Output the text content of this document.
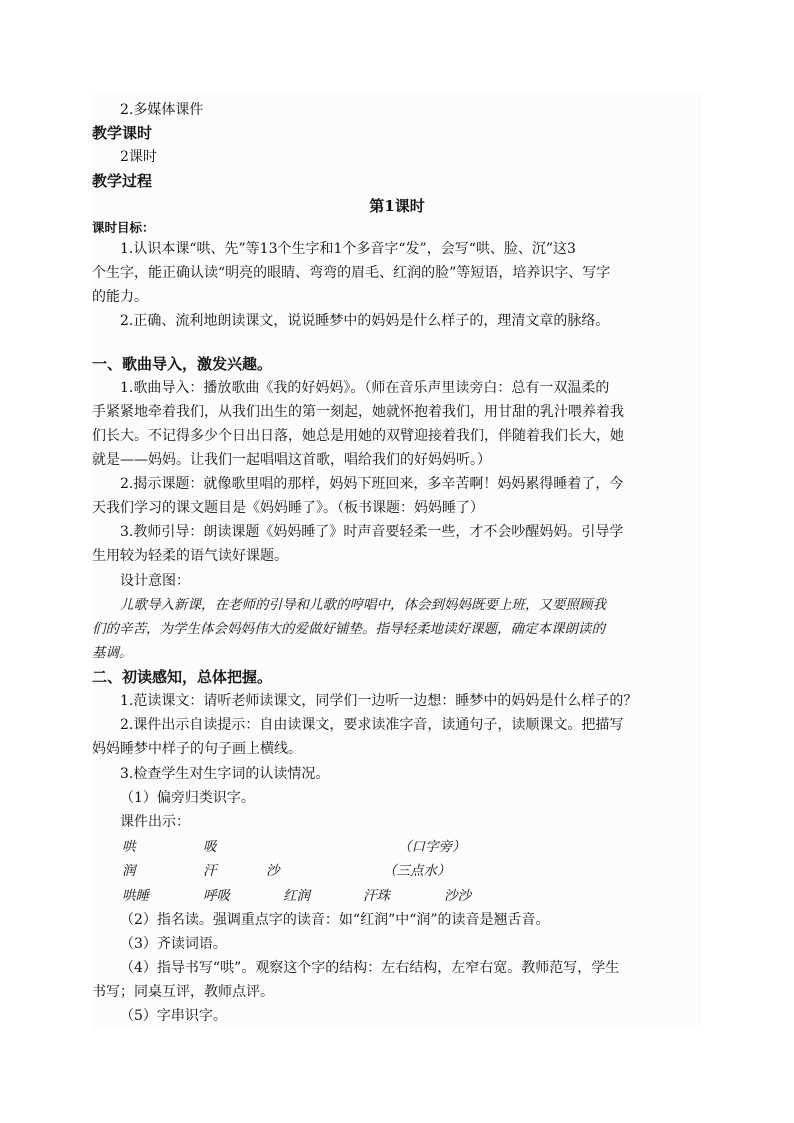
2.多媒体课件
教学课时
2课时
教学过程
第1课时
课时目标：
1.认识本课“哄、先”等13个生字和1个多音字“发”，会写“哄、脸、沉”这3
个生字，能正确认读“明亮的眼睛、弯弯的眉毛、红润的脸”等短语，培养识字、写字
的能力。
2.正确、流利地朗读课文，说说睡梦中的妈妈是什么样子的，理清文章的脉络。
一、歌曲导入，激发兴趣。
1.歌曲导入：播放歌曲《我的好妈妈》。（师在音乐声里读旁白：总有一双温柔的
手紧紧地牵着我们，从我们出生的第一刻起，她就怀抱着我们，用甘甜的乳汁喂养着我
们长大。不记得多少个日出日落，她总是用她的双臂迎接着我们，伴随着我们长大，她
就是——妈妈。让我们一起唱唱这首歌，唱给我们的好妈妈听。）
2.揭示课题：就像歌里唱的那样，妈妈下班回来，多辛苦啊！妈妈累得睡着了，今
天我们学习的课文题目是《妈妈睡了》。（板书课题：妈妈睡了）
3.教师引导：朗读课题《妈妈睡了》时声音要轻柔一些，才不会吵醒妈妈。引导学
生用较为轻柔的语气读好课题。
设计意图：
儿歌导入新课，在老师的引导和儿歌的哼唱中，体会到妈妈既要上班，又要照顾我
们的辛苦，为学生体会妈妈伟大的爱做好铺垫。指导轻柔地读好课题，确定本课朗读的
基调。
二、初读感知，总体把握。
1.范读课文：请听老师读课文，同学们一边听一边想：睡梦中的妈妈是什么样子的？
2.课件出示自读提示：自由读课文，要求读准字音，读通句子，读顺课文。把描写
妈妈睡梦中样子的句子画上横线。
3.检查学生对生字词的认读情况。
（1）偏旁归类识字。
课件出示：
哄	吸	（口字旁）
润	汗	沙	（三点水）
哄睡	呼吸	红润	汗珠	沙沙
（2）指名读。强调重点字的读音：如“红润”中“润”的读音是翘舌音。
（3）齐读词语。
（4）指导书写“哄”。观察这个字的结构：左右结构，左窄右宽。教师范写，学生
书写；同桌互评，教师点评。
（5）字串识字。
